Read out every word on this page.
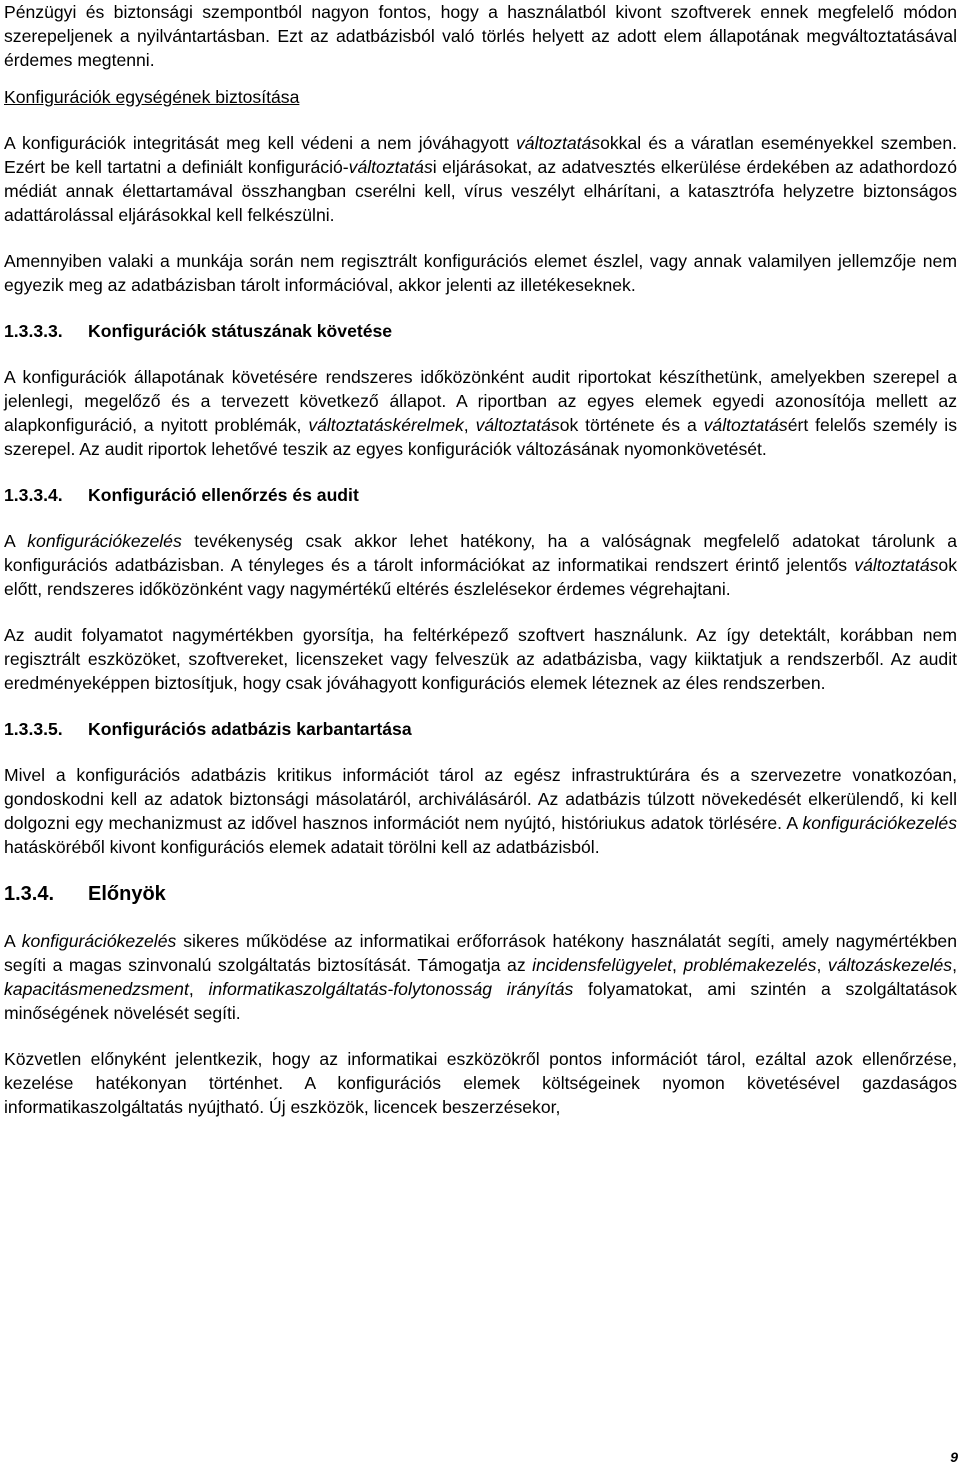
Pénzügyi és biztonsági szempontból nagyon fontos, hogy a használatból kivont szoftverek ennek megfelelő módon szerepeljenek a nyilvántartásban. Ezt az adatbázisból való törlés helyett az adott elem állapotának megváltoztatásával érdemes megtenni.

Konfigurációk egységének biztosítása

A konfigurációk integritását meg kell védeni a nem jóváhagyott változtatásokkal és a váratlan eseményekkel szemben. Ezért be kell tartatni a definiált konfiguráció-változtatási eljárásokat, az adatvesztés elkerülése érdekében az adathordozó médiát annak élettartamával összhangban cserélni kell, vírus veszélyt elhárítani, a katasztrófa helyzetre biztonságos adattárolással eljárásokkal kell felkészülni.

Amennyiben valaki a munkája során nem regisztrált konfigurációs elemet észlel, vagy annak valamilyen jellemzője nem egyezik meg az adatbázisban tárolt információval, akkor jelenti az illetékeseknek.

1.3.3.3. Konfigurációk státuszának követése

A konfigurációk állapotának követésére rendszeres időközönként audit riportokat készíthetünk, amelyekben szerepel a jelenlegi, megelőző és a tervezett következő állapot. A riportban az egyes elemek egyedi azonosítója mellett az alapkonfiguráció, a nyitott problémák, változtatáskérelmek, változtatások története és a változtatásért felelős személy is szerepel. Az audit riportok lehetővé teszik az egyes konfigurációk változásának nyomonkövetését.

1.3.3.4. Konfiguráció ellenőrzés és audit

A konfigurációkezelés tevékenység csak akkor lehet hatékony, ha a valóságnak megfelelő adatokat tárolunk a konfigurációs adatbázisban. A tényleges és a tárolt információkat az informatikai rendszert érintő jelentős változtatások előtt, rendszeres időközönként vagy nagymértékű eltérés észlelésekor érdemes végrehajtani.

Az audit folyamatot nagymértékben gyorsítja, ha feltérképező szoftvert használunk. Az így detektált, korábban nem regisztrált eszközöket, szoftvereket, licenszeket vagy felveszük az adatbázisba, vagy kiiktatjuk a rendszerből. Az audit eredményeképpen biztosítjuk, hogy csak jóváhagyott konfigurációs elemek léteznek az éles rendszerben.

1.3.3.5. Konfigurációs adatbázis karbantartása

Mivel a konfigurációs adatbázis kritikus információt tárol az egész infrastruktúrára és a szervezetre vonatkozóan, gondoskodni kell az adatok biztonsági másolatáról, archiválásáról. Az adatbázis túlzott növekedését elkerülendő, ki kell dolgozni egy mechanizmust az idővel hasznos információt nem nyújtó, históriukus adatok törlésére. A konfigurációkezelés hatásköréből kivont konfigurációs elemek adatait törölni kell az adatbázisból.

1.3.4. Előnyök

A konfigurációkezelés sikeres működése az informatikai erőforrások hatékony használatát segíti, amely nagymértékben segíti a magas szinvonalú szolgáltatás biztosítását. Támogatja az incidensfelügyelet, problémakezelés, változáskezelés, kapacitásmenedzsment, informatikaszolgáltatás-folytonosság irányítás folyamatokat, ami szintén a szolgáltatások minőségének növelését segíti.

Közvetlen előnyként jelentkezik, hogy az informatikai eszközökről pontos információt tárol, ezáltal azok ellenőrzése, kezelése hatékonyan történhet. A konfigurációs elemek költségeinek nyomon követésével gazdaságos informatikaszolgáltatás nyújtható. Új eszközök, licencek beszerzésekor,

9
